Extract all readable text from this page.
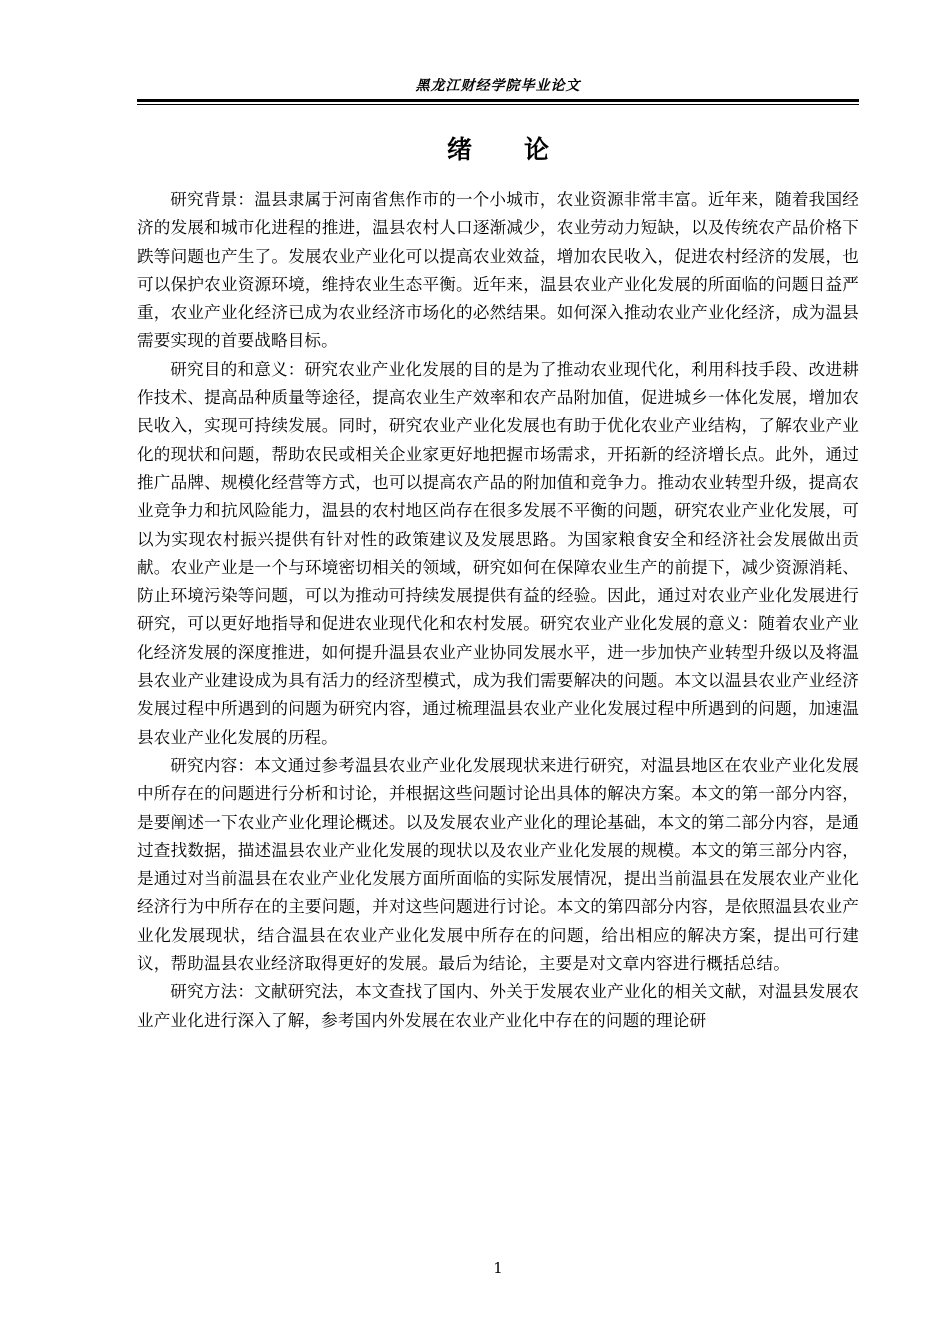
黑龙江财经学院毕业论文
绪论

研究背景：温县隶属于河南省焦作市的一个小城市，农业资源非常丰富。近年来，随着我国经济的发展和城市化进程的推进，温县农村人口逐渐减少，农业劳动力短缺，以及传统农产品价格下跌等问题也产生了。发展农业产业化可以提高农业效益，增加农民收入，促进农村经济的发展，也可以保护农业资源环境，维持农业生态平衡。近年来，温县农业产业化发展的所面临的问题日益严重，农业产业化经济已成为农业经济市场化的必然结果。如何深入推动农业产业化经济，成为温县需要实现的首要战略目标。

研究目的和意义：研究农业产业化发展的目的是为了推动农业现代化，利用科技手段、改进耕作技术、提高品种质量等途径，提高农业生产效率和农产品附加值，促进城乡一体化发展，增加农民收入，实现可持续发展。同时，研究农业产业化发展也有助于优化农业产业结构，了解农业产业化的现状和问题，帮助农民或相关企业家更好地把握市场需求，开拓新的经济增长点。此外，通过推广品牌、规模化经营等方式，也可以提高农产品的附加值和竞争力。推动农业转型升级，提高农业竞争力和抗风险能力，温县的农村地区尚存在很多发展不平衡的问题，研究农业产业化发展，可以为实现农村振兴提供有针对性的政策建议及发展思路。为国家粮食安全和经济社会发展做出贡献。农业产业是一个与环境密切相关的领域，研究如何在保障农业生产的前提下，减少资源消耗、防止环境污染等问题，可以为推动可持续发展提供有益的经验。因此，通过对农业产业化发展进行研究，可以更好地指导和促进农业现代化和农村发展。研究农业产业化发展的意义：随着农业产业化经济发展的深度推进，如何提升温县农业产业协同发展水平，进一步加快产业转型升级以及将温县农业产业建设成为具有活力的经济型模式，成为我们需要解决的问题。本文以温县农业产业经济发展过程中所遇到的问题为研究内容，通过梳理温县农业产业化发展过程中所遇到的问题，加速温县农业产业化发展的历程。

研究内容：本文通过参考温县农业产业化发展现状来进行研究，对温县地区在农业产业化发展中所存在的问题进行分析和讨论，并根据这些问题讨论出具体的解决方案。本文的第一部分内容，是要阐述一下农业产业化理论概述。以及发展农业产业化的理论基础，本文的第二部分内容，是通过查找数据，描述温县农业产业化发展的现状以及农业产业化发展的规模。本文的第三部分内容，是通过对当前温县在农业产业化发展方面所面临的实际发展情况，提出当前温县在发展农业产业化经济行为中所存在的主要问题，并对这些问题进行讨论。本文的第四部分内容，是依照温县农业产业化发展现状，结合温县在农业产业化发展中所存在的问题，给出相应的解决方案，提出可行建议，帮助温县农业经济取得更好的发展。最后为结论，主要是对文章内容进行概括总结。

研究方法：文献研究法，本文查找了国内、外关于发展农业产业化的相关文献，对温县发展农业产业化进行深入了解，参考国内外发展在农业产业化中存在的问题的理论研

1
